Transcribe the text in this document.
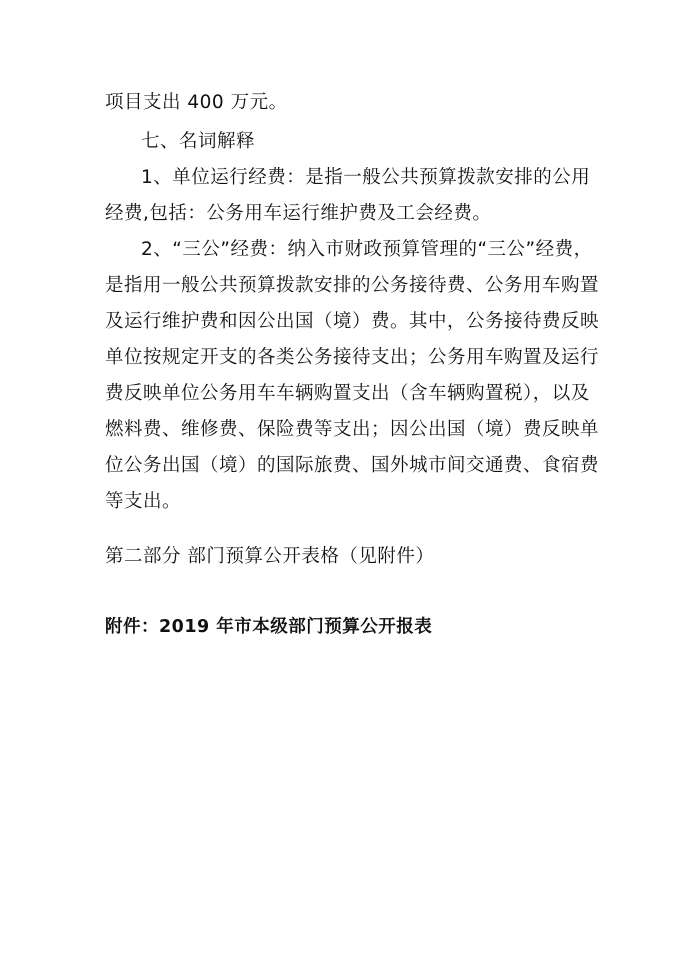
项目支出 400 万元。
七、名词解释
1、单位运行经费：是指一般公共预算拨款安排的公用
经费,包括：公务用车运行维护费及工会经费。
2、“三公”经费：纳入市财政预算管理的“三公”经费，
是指用一般公共预算拨款安排的公务接待费、公务用车购置
及运行维护费和因公出国（境）费。其中，公务接待费反映
单位按规定开支的各类公务接待支出；公务用车购置及运行
费反映单位公务用车车辆购置支出（含车辆购置税），以及
燃料费、维修费、保险费等支出；因公出国（境）费反映单
位公务出国（境）的国际旅费、国外城市间交通费、食宿费
等支出。
第二部分 部门预算公开表格（见附件）
附件：2019 年市本级部门预算公开报表
